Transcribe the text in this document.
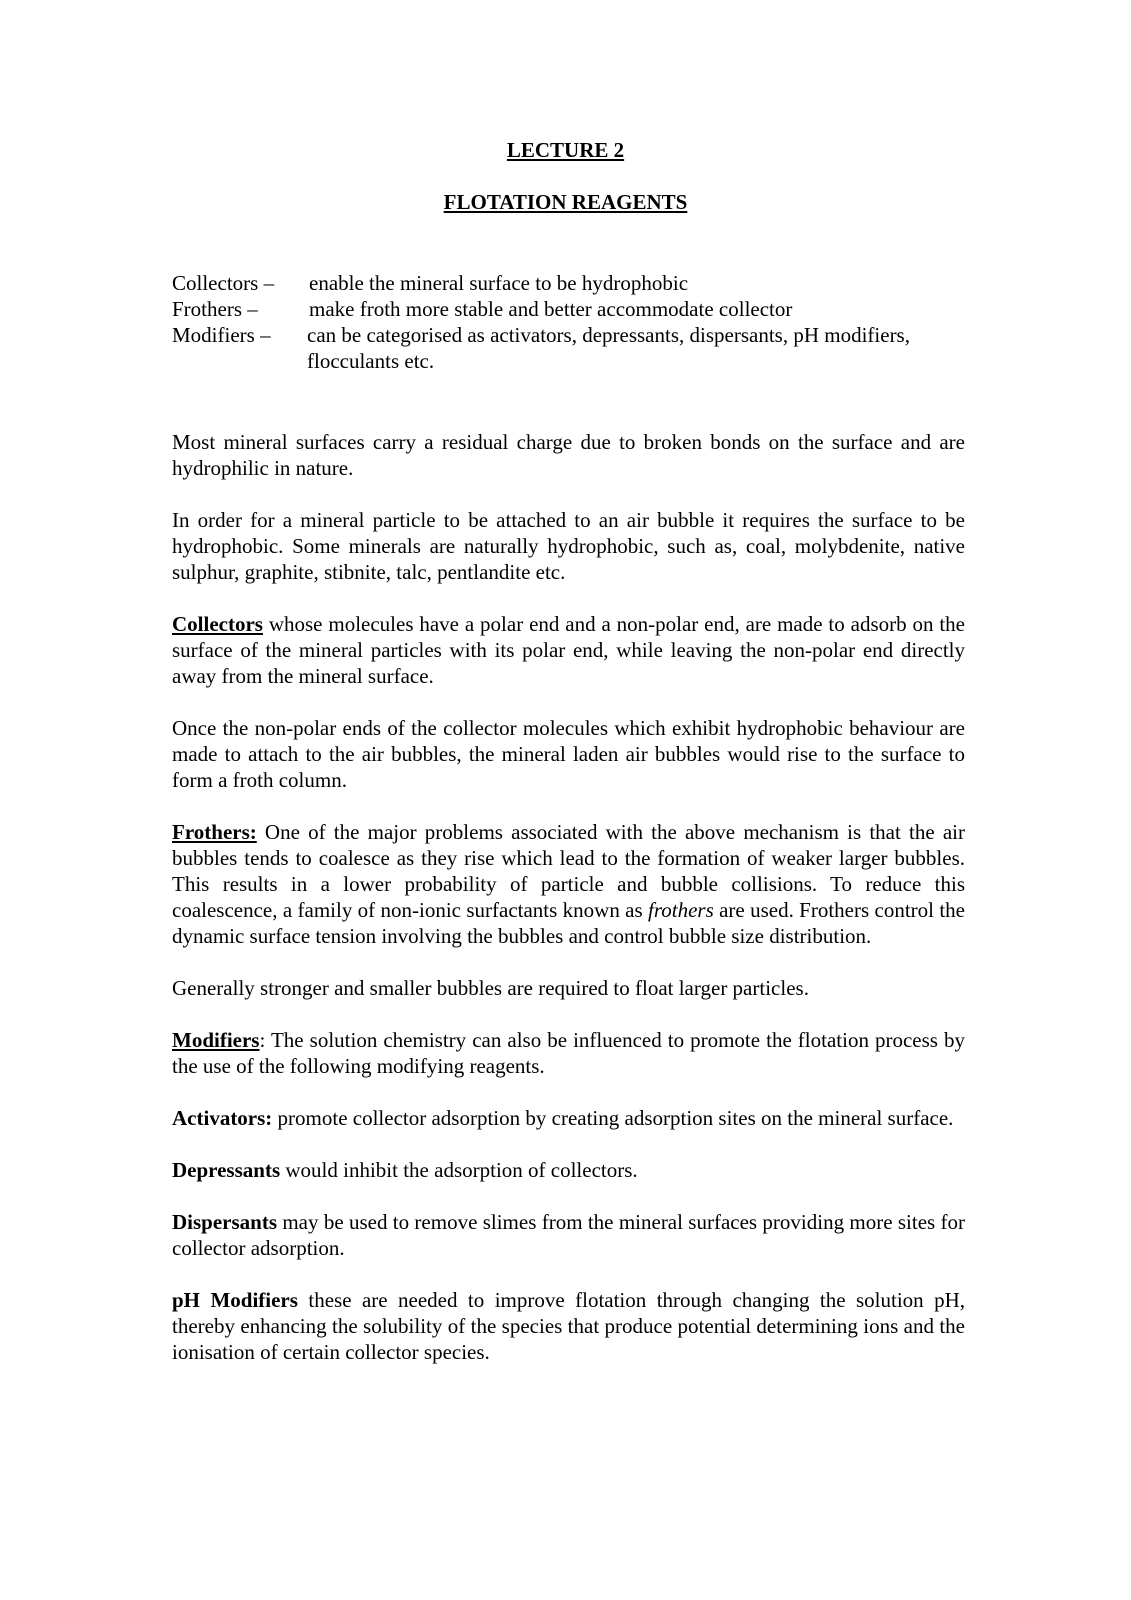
LECTURE 2
FLOTATION REAGENTS
Collectors –	enable the mineral surface to be hydrophobic
Frothers –	make froth more stable and better accommodate collector
Modifiers –	can be categorised as activators, depressants, dispersants, pH modifiers, flocculants etc.

Most mineral surfaces carry a residual charge due to broken bonds on the surface and are hydrophilic in nature.

In order for a mineral particle to be attached to an air bubble it requires the surface to be hydrophobic. Some minerals are naturally hydrophobic, such as, coal, molybdenite, native sulphur, graphite, stibnite, talc, pentlandite etc.

Collectors whose molecules have a polar end and a non-polar end, are made to adsorb on the surface of the mineral particles with its polar end, while leaving the non-polar end directly away from the mineral surface.

Once the non-polar ends of the collector molecules which exhibit hydrophobic behaviour are made to attach to the air bubbles, the mineral laden air bubbles would rise to the surface to form a froth column.

Frothers: One of the major problems associated with the above mechanism is that the air bubbles tends to coalesce as they rise which lead to the formation of weaker larger bubbles. This results in a lower probability of particle and bubble collisions. To reduce this coalescence, a family of non-ionic surfactants known as frothers are used. Frothers control the dynamic surface tension involving the bubbles and control bubble size distribution.

Generally stronger and smaller bubbles are required to float larger particles.

Modifiers: The solution chemistry can also be influenced to promote the flotation process by the use of the following modifying reagents.

Activators: promote collector adsorption by creating adsorption sites on the mineral surface.

Depressants would inhibit the adsorption of collectors.

Dispersants may be used to remove slimes from the mineral surfaces providing more sites for collector adsorption.

pH Modifiers these are needed to improve flotation through changing the solution pH, thereby enhancing the solubility of the species that produce potential determining ions and the ionisation of certain collector species.
